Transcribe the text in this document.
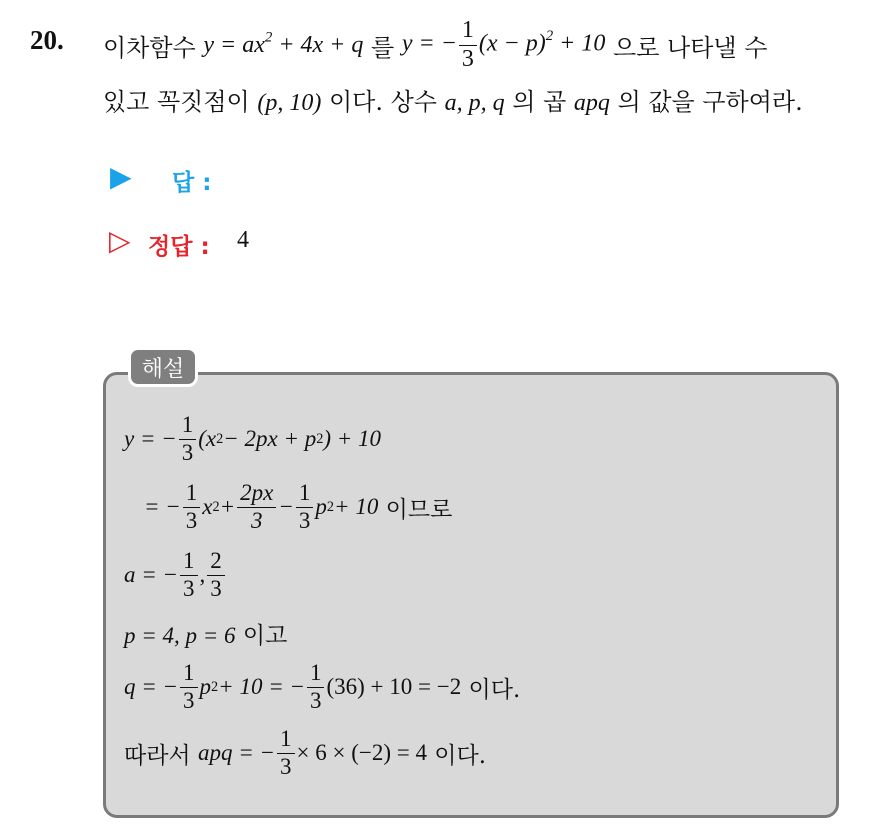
20. 이차함수
$y = ax^2 + 4x + q$
를
y = − $\frac{1}{3} (x - p)^2 + 10$
으로 나타낼 수
있고 꼭짓점이 (p, 10) 이다. 상수 a, p, q 의 곱 apq 의 값을 구하여라.
▶ 답 :
▷ 정답 : 4
해설
y = − $\frac{1}{3} (x$ 2 − 2px + p 2 ) + 10
= − $\frac{1}{3}$ x $2 + \frac{2px}{3} - \frac{1}{3}$ p 2 + 10
이므로
a = − $\frac{1}{3}$ , $\frac{2}{3}$
p = 4, p = 6 이고
q = − $\frac{1}{3}$ p 2 + 10 = − $\frac{1}{3} (36) + 10 = -2$
이다.
따라서
apq = − $\frac{1}{3} \times 6 \times (-2) = 4$
이다.
